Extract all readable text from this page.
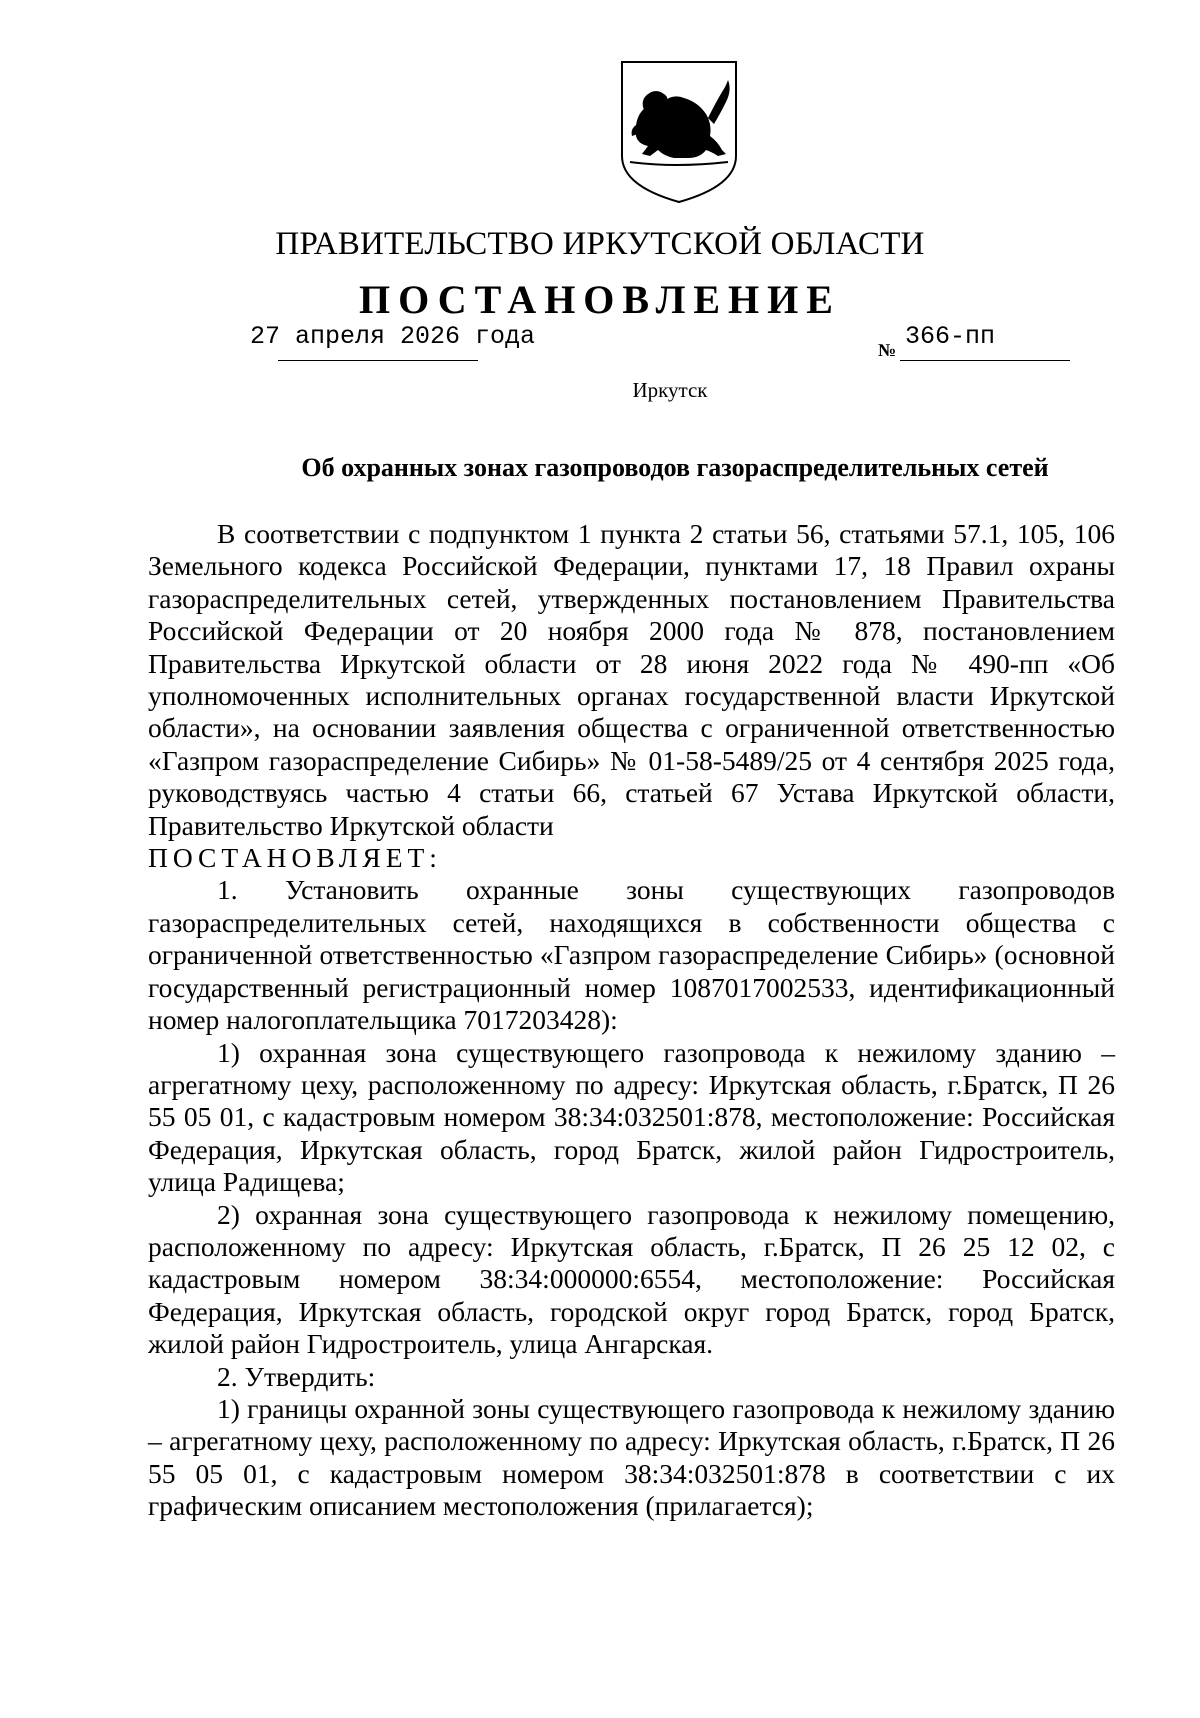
ПРАВИТЕЛЬСТВО ИРКУТСКОЙ ОБЛАСТИ
ПОСТАНОВЛЕНИЕ
27 апреля 2026 года	№ 366-пп
Иркутск
Об охранных зонах газопроводов газораспределительных сетей

В соответствии с подпунктом 1 пункта 2 статьи 56, статьями 57.1, 105, 106 Земельного кодекса Российской Федерации, пунктами 17, 18 Правил охраны газораспределительных сетей, утвержденных постановлением Правительства Российской Федерации от 20 ноября 2000 года № 878, постановлением Правительства Иркутской области от 28 июня 2022 года № 490-пп «Об уполномоченных исполнительных органах государственной власти Иркутской области», на основании заявления общества с ограниченной ответственностью «Газпром газораспределение Сибирь» № 01-58-5489/25 от 4 сентября 2025 года, руководствуясь частью 4 статьи 66, статьей 67 Устава Иркутской области, Правительство Иркутской области

ПОСТАНОВЛЯЕТ:

1. Установить охранные зоны существующих газопроводов газораспределительных сетей, находящихся в собственности общества с ограниченной ответственностью «Газпром газораспределение Сибирь» (основной государственный регистрационный номер 1087017002533, идентификационный номер налогоплательщика 7017203428):

1) охранная зона существующего газопровода к нежилому зданию – агрегатному цеху, расположенному по адресу: Иркутская область, г.Братск, П 26 55 05 01, с кадастровым номером 38:34:032501:878, местоположение: Российская Федерация, Иркутская область, город Братск, жилой район Гидростроитель, улица Радищева;

2) охранная зона существующего газопровода к нежилому помещению, расположенному по адресу: Иркутская область, г.Братск, П 26 25 12 02, с кадастровым номером 38:34:000000:6554, местоположение: Российская Федерация, Иркутская область, городской округ город Братск, город Братск, жилой район Гидростроитель, улица Ангарская.

2. Утвердить:

1) границы охранной зоны существующего газопровода к нежилому зданию – агрегатному цеху, расположенному по адресу: Иркутская область, г.Братск, П 26 55 05 01, с кадастровым номером 38:34:032501:878 в соответствии с их графическим описанием местоположения (прилагается);
